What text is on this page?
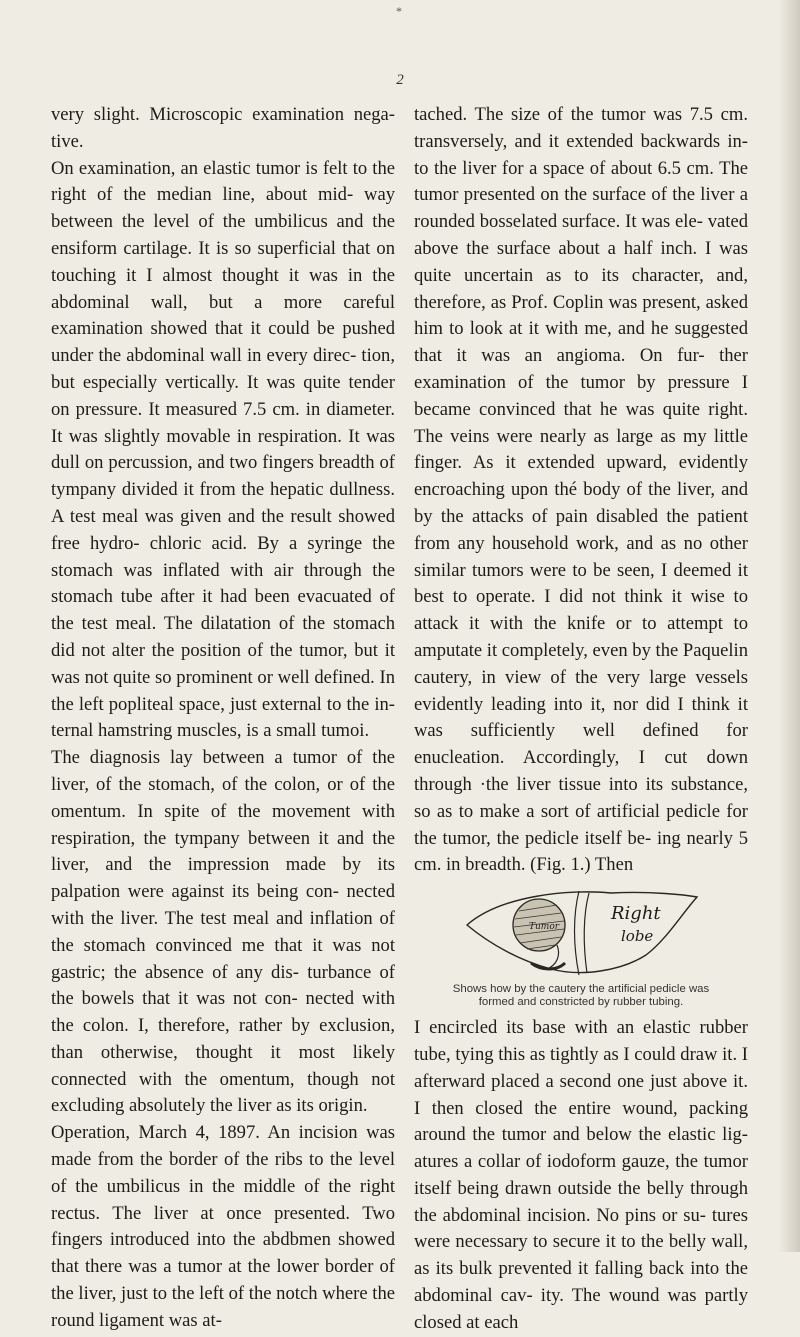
*
2

very slight. Microscopic examination nega- tive.

On examination, an elastic tumor is felt to the right of the median line, about mid- way between the level of the umbilicus and the ensiform cartilage. It is so superficial that on touching it I almost thought it was in the abdominal wall, but a more careful examination showed that it could be pushed under the abdominal wall in every direc- tion, but especially vertically. It was quite tender on pressure. It measured 7.5 cm. in diameter. It was slightly movable in respiration. It was dull on percussion, and two fingers breadth of tympany divided it from the hepatic dullness. A test meal was given and the result showed free hydro- chloric acid. By a syringe the stomach was inflated with air through the stomach tube after it had been evacuated of the test meal. The dilatation of the stomach did not alter the position of the tumor, but it was not quite so prominent or well defined. In the left popliteal space, just external to the in- ternal hamstring muscles, is a small tumoi.

The diagnosis lay between a tumor of the liver, of the stomach, of the colon, or of the omentum. In spite of the movement with respiration, the tympany between it and the liver, and the impression made by its palpation were against its being con- nected with the liver. The test meal and inflation of the stomach convinced me that it was not gastric; the absence of any dis- turbance of the bowels that it was not con- nected with the colon. I, therefore, rather by exclusion, than otherwise, thought it most likely connected with the omentum, though not excluding absolutely the liver as its origin.

Operation, March 4, 1897. An incision was made from the border of the ribs to the level of the umbilicus in the middle of the right rectus. The liver at once presented. Two fingers introduced into the abdbmen showed that there was a tumor at the lower border of the liver, just to the left of the notch where the round ligament was at-

tached. The size of the tumor was 7.5 cm. transversely, and it extended backwards in- to the liver for a space of about 6.5 cm. The tumor presented on the surface of the liver a rounded bosselated surface. It was ele- vated above the surface about a half inch. I was quite uncertain as to its character, and, therefore, as Prof. Coplin was present, asked him to look at it with me, and he suggested that it was an angioma. On fur- ther examination of the tumor by pressure I became convinced that he was quite right. The veins were nearly as large as my little finger. As it extended upward, evidently encroaching upon thé body of the liver, and by the attacks of pain disabled the patient from any household work, and as no other similar tumors were to be seen, I deemed it best to operate. I did not think it wise to attack it with the knife or to attempt to amputate it completely, even by the Paquelin cautery, in view of the very large vessels evidently leading into it, nor did I think it was sufficiently well defined for enucleation. Accordingly, I cut down through ·the liver tissue into its substance, so as to make a sort of artificial pedicle for the tumor, the pedicle itself be- ing nearly 5 cm. in breadth. (Fig. 1.) Then

Tumor
Right
lobe
Shows how by the cautery the artificial pedicle was
formed and constricted by rubber tubing.

I encircled its base with an elastic rubber tube, tying this as tightly as I could draw it. I afterward placed a second one just above it. I then closed the entire wound, packing around the tumor and below the elastic lig- atures a collar of iodoform gauze, the tumor itself being drawn outside the belly through the abdominal incision. No pins or su- tures were necessary to secure it to the belly wall, as its bulk prevented it falling back into the abdominal cav- ity. The wound was partly closed at each
